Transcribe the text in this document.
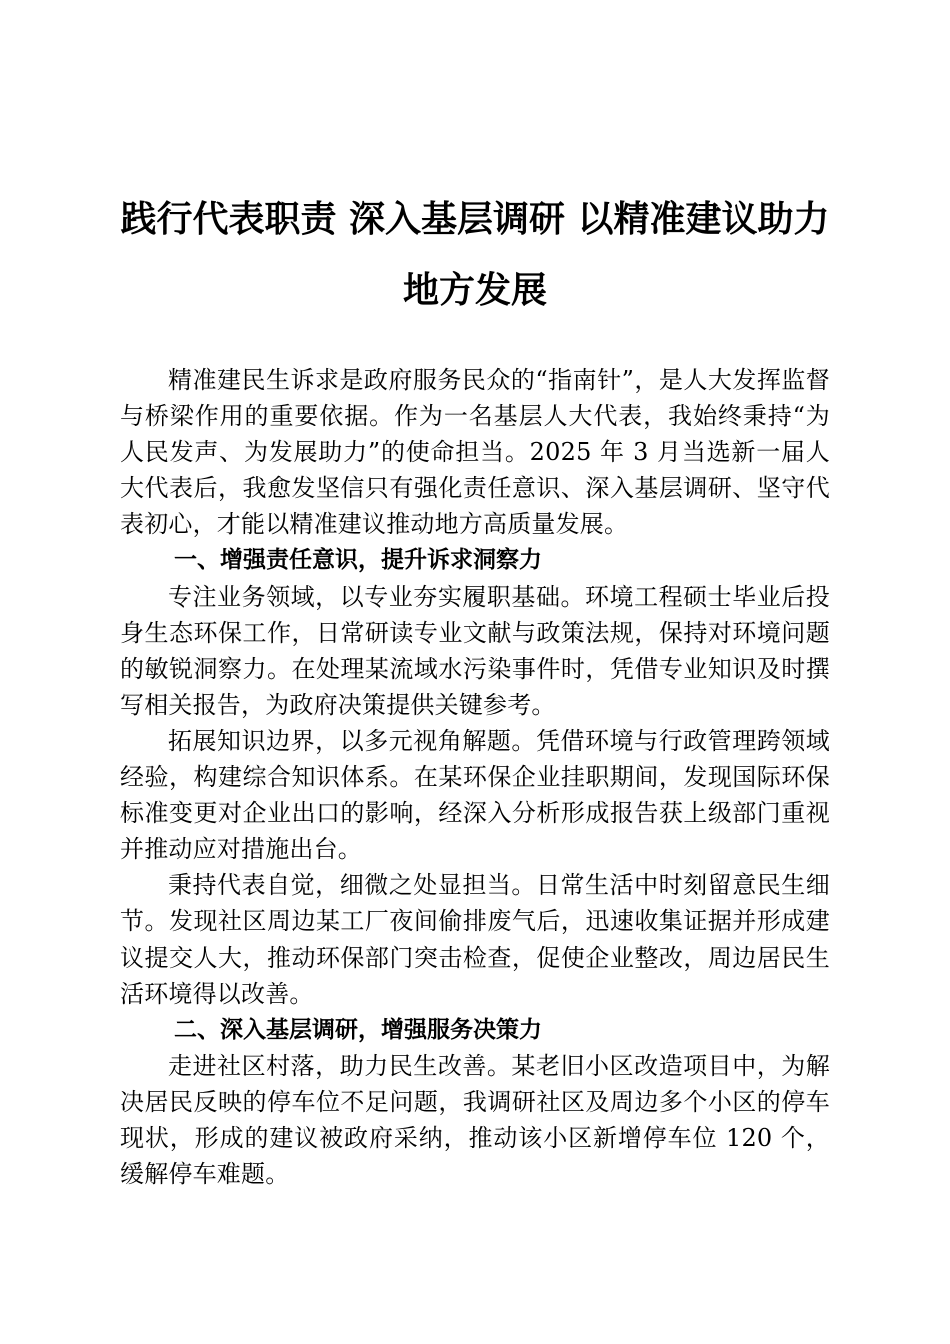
践行代表职责 深入基层调研 以精准建议助力
地方发展

精准建民生诉求是政府服务民众的“指南针”，是人大发挥监督与桥梁作用的重要依据。作为一名基层人大代表，我始终秉持“为人民发声、为发展助力”的使命担当。2025 年 3 月当选新一届人大代表后，我愈发坚信只有强化责任意识、深入基层调研、坚守代表初心，才能以精准建议推动地方高质量发展。

一、增强责任意识，提升诉求洞察力

专注业务领域，以专业夯实履职基础。环境工程硕士毕业后投身生态环保工作，日常研读专业文献与政策法规，保持对环境问题的敏锐洞察力。在处理某流域水污染事件时，凭借专业知识及时撰写相关报告，为政府决策提供关键参考。

拓展知识边界，以多元视角解题。凭借环境与行政管理跨领域经验，构建综合知识体系。在某环保企业挂职期间，发现国际环保标准变更对企业出口的影响，经深入分析形成报告获上级部门重视并推动应对措施出台。

秉持代表自觉，细微之处显担当。日常生活中时刻留意民生细节。发现社区周边某工厂夜间偷排废气后，迅速收集证据并形成建议提交人大，推动环保部门突击检查，促使企业整改，周边居民生活环境得以改善。

二、深入基层调研，增强服务决策力

走进社区村落，助力民生改善。某老旧小区改造项目中，为解决居民反映的停车位不足问题，我调研社区及周边多个小区的停车现状，形成的建议被政府采纳，推动该小区新增停车位 120 个，缓解停车难题。
